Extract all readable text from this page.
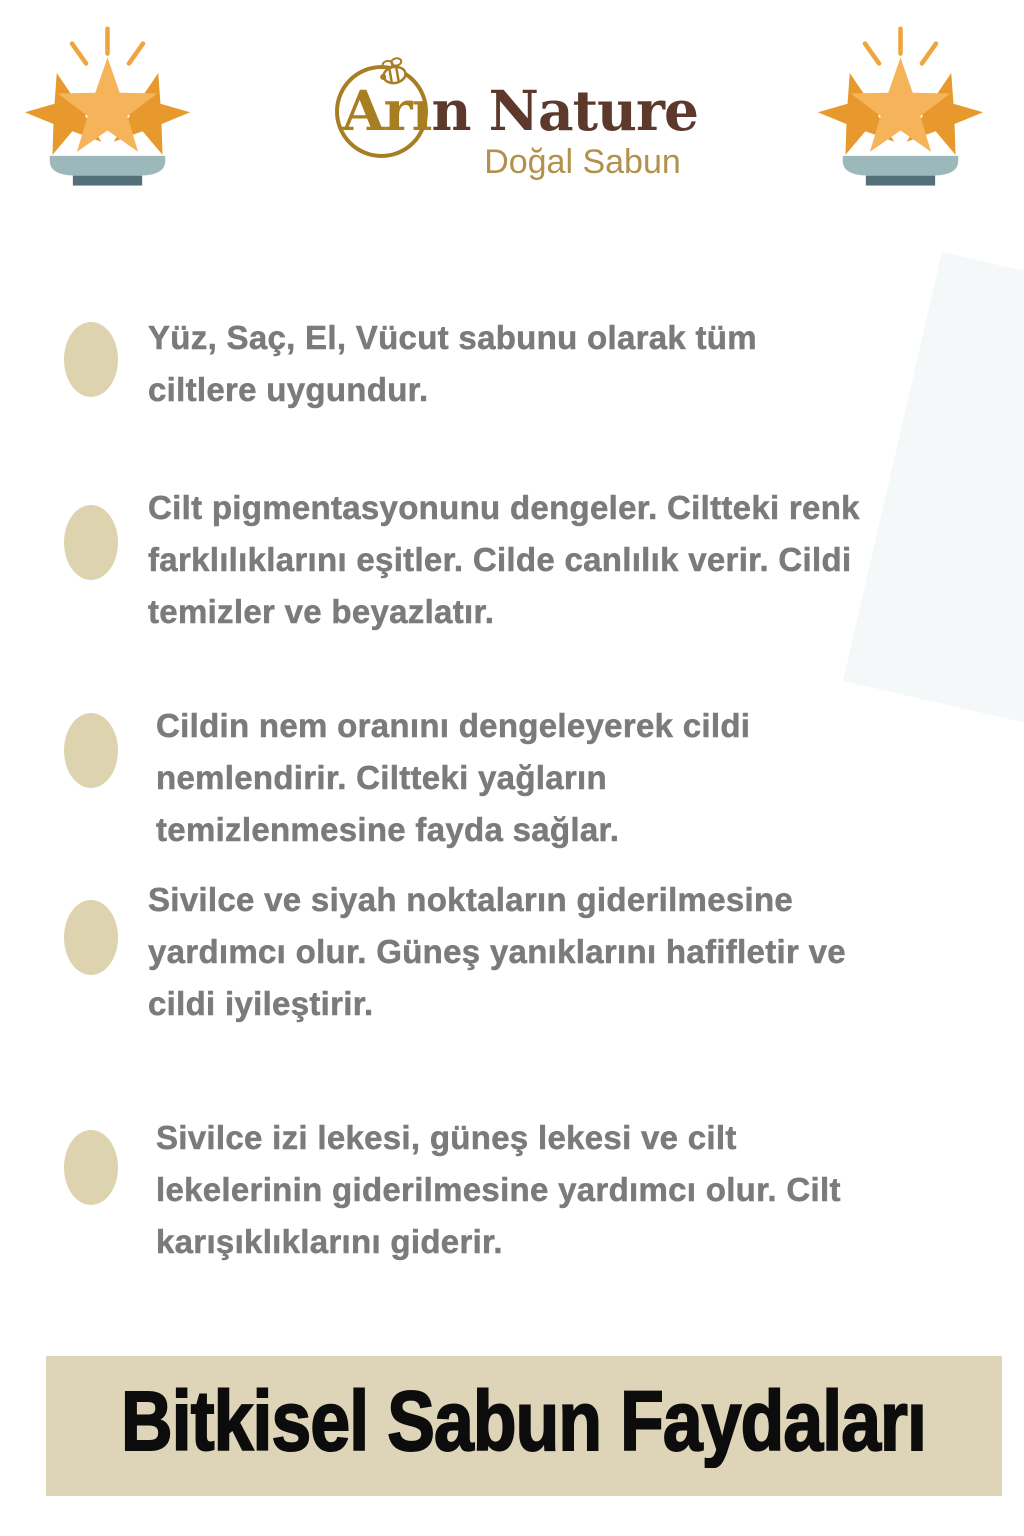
Arın Nature
Doğal Sabun
Yüz, Saç, El, Vücut sabunu olarak tüm
ciltlere uygundur.
Cilt pigmentasyonunu dengeler. Ciltteki renk
farklılıklarını eşitler. Cilde canlılık verir. Cildi
temizler ve beyazlatır.
Cildin nem oranını dengeleyerek cildi
nemlendirir. Ciltteki yağların
temizlenmesine fayda sağlar.
Sivilce ve siyah noktaların giderilmesine
yardımcı olur. Güneş yanıklarını hafifletir ve
cildi iyileştirir.
Sivilce izi lekesi, güneş lekesi ve cilt
lekelerinin giderilmesine yardımcı olur. Cilt
karışıklıklarını giderir.
Bitkisel Sabun Faydaları
